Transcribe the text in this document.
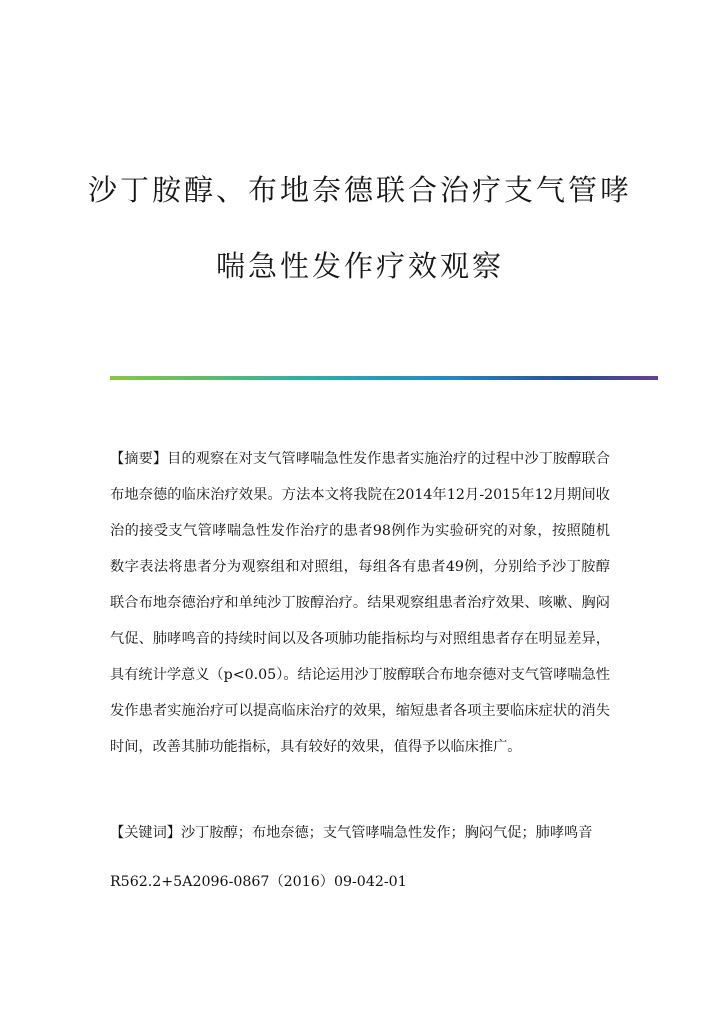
沙丁胺醇、布地奈德联合治疗支气管哮
喘急性发作疗效观察

【摘要】目的观察在对支气管哮喘急性发作患者实施治疗的过程中沙丁胺醇联合布地奈德的临床治疗效果。方法本文将我院在2014年12月-2015年12月期间收治的接受支气管哮喘急性发作治疗的患者98例作为实验研究的对象，按照随机数字表法将患者分为观察组和对照组，每组各有患者49例，分别给予沙丁胺醇联合布地奈德治疗和单纯沙丁胺醇治疗。结果观察组患者治疗效果、咳嗽、胸闷气促、肺哮鸣音的持续时间以及各项肺功能指标均与对照组患者存在明显差异，具有统计学意义（p<0.05）。结论运用沙丁胺醇联合布地奈德对支气管哮喘急性发作患者实施治疗可以提高临床治疗的效果，缩短患者各项主要临床症状的消失时间，改善其肺功能指标，具有较好的效果，值得予以临床推广。

【关键词】沙丁胺醇；布地奈德；支气管哮喘急性发作；胸闷气促；肺哮鸣音

R562.2+5A2096-0867（2016）09-042-01
